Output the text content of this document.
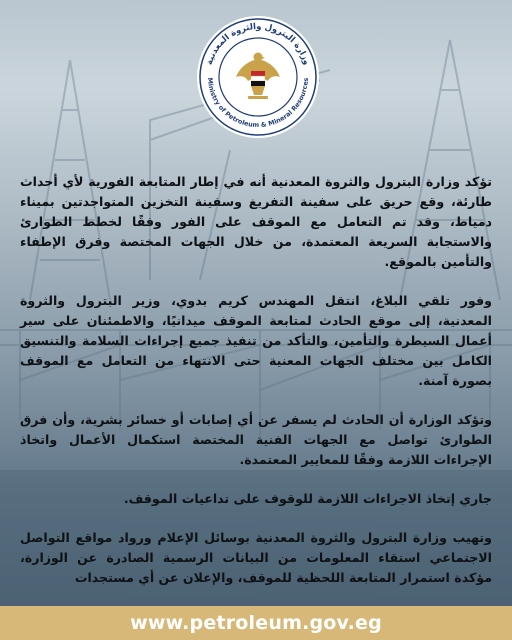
وزارة البترول والثروة المعدنية
Ministry of Petroleum & Mineral Resources

تؤكد وزارة البترول والثروة المعدنية أنه في إطار المتابعة الفورية لأي أحداث طارئة، وقع حريق على سفينة التفريغ وسفينة التخزين المتواجدتين بميناء دمياط، وقد تم التعامل مع الموقف على الفور وفقًا لخطط الطوارئ والاستجابة السريعة المعتمدة، من خلال الجهات المختصة وفرق الإطفاء والتأمين بالموقع.

وفور تلقي البلاغ، انتقل المهندس كريم بدوي، وزير البترول والثروة المعدنية، إلى موقع الحادث لمتابعة الموقف ميدانيًا، والاطمئنان على سير أعمال السيطرة والتأمين، والتأكد من تنفيذ جميع إجراءات السلامة والتنسيق الكامل بين مختلف الجهات المعنية حتى الانتهاء من التعامل مع الموقف بصورة آمنة.

وتؤكد الوزارة أن الحادث لم يسفر عن أي إصابات أو خسائر بشرية، وأن فرق الطوارئ تواصل مع الجهات الفنية المختصة استكمال الأعمال واتخاذ الإجراءات اللازمة وفقًا للمعايير المعتمدة.

جاري إتخاذ الاجراءات اللازمة للوقوف على تداعيات الموقف.

وتهيب وزارة البترول والثروة المعدنية بوسائل الإعلام ورواد مواقع التواصل الاجتماعي استقاء المعلومات من البيانات الرسمية الصادرة عن الوزارة، مؤكدة استمرار المتابعة اللحظية للموقف، والإعلان عن أي مستجدات

www.petroleum.gov.eg
